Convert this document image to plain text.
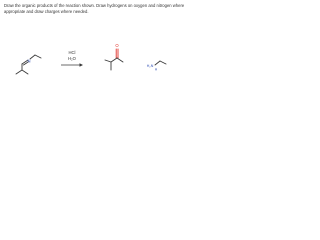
Draw the organic products of the reaction shown. Draw hydrogens on oxygen and nitrogen where appropriate and draw charges where needed.
N
HCl
H₂O
O
H₂N
H
